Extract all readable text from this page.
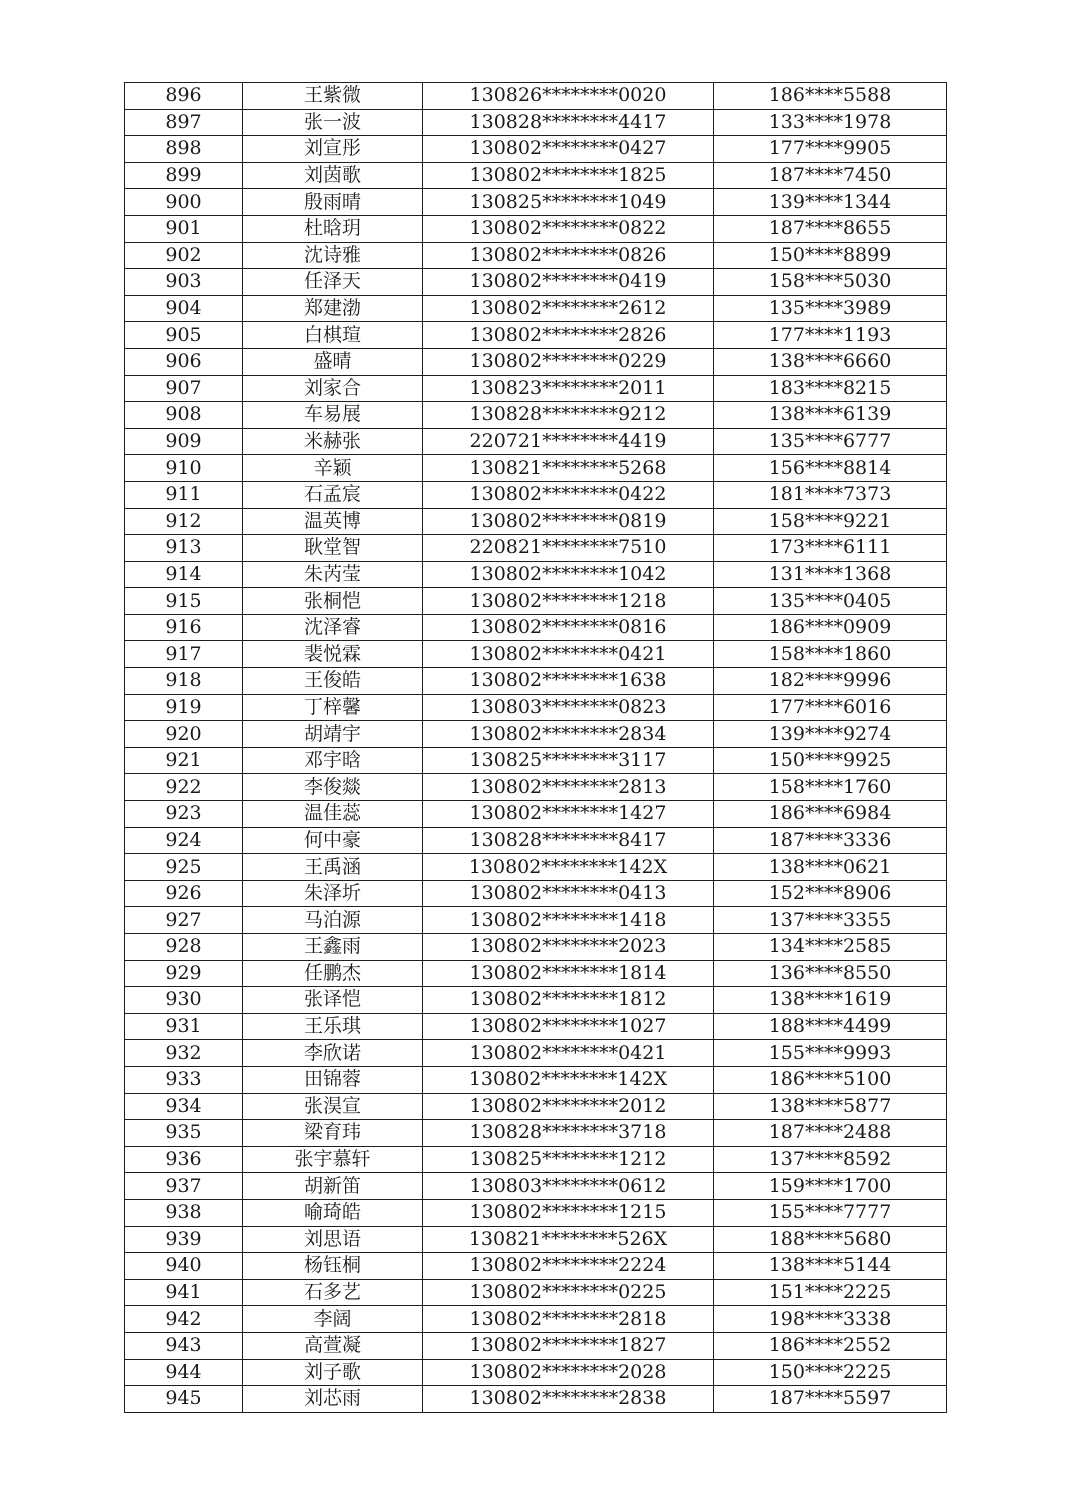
896	王紫微	130826********0020	186****5588
897	张一波	130828********4417	133****1978
898	刘宣彤	130802********0427	177****9905
899	刘茵歌	130802********1825	187****7450
900	殷雨晴	130825********1049	139****1344
901	杜晗玥	130802********0822	187****8655
902	沈诗雅	130802********0826	150****8899
903	任泽天	130802********0419	158****5030
904	郑建渤	130802********2612	135****3989
905	白棋瑄	130802********2826	177****1193
906	盛晴	130802********0229	138****6660
907	刘家合	130823********2011	183****8215
908	车易展	130828********9212	138****6139
909	米赫张	220721********4419	135****6777
910	辛颖	130821********5268	156****8814
911	石孟宸	130802********0422	181****7373
912	温英博	130802********0819	158****9221
913	耿堂智	220821********7510	173****6111
914	朱芮莹	130802********1042	131****1368
915	张桐恺	130802********1218	135****0405
916	沈泽睿	130802********0816	186****0909
917	裴悦霖	130802********0421	158****1860
918	王俊皓	130802********1638	182****9996
919	丁梓馨	130803********0823	177****6016
920	胡靖宇	130802********2834	139****9274
921	邓宇晗	130825********3117	150****9925
922	李俊燚	130802********2813	158****1760
923	温佳蕊	130802********1427	186****6984
924	何中豪	130828********8417	187****3336
925	王禹涵	130802********142X	138****0621
926	朱泽圻	130802********0413	152****8906
927	马泊源	130802********1418	137****3355
928	王鑫雨	130802********2023	134****2585
929	任鹏杰	130802********1814	136****8550
930	张译恺	130802********1812	138****1619
931	王乐琪	130802********1027	188****4499
932	李欣诺	130802********0421	155****9993
933	田锦蓉	130802********142X	186****5100
934	张淏宣	130802********2012	138****5877
935	梁育玮	130828********3718	187****2488
936	张宇慕轩	130825********1212	137****8592
937	胡新笛	130803********0612	159****1700
938	喻琦皓	130802********1215	155****7777
939	刘思语	130821********526X	188****5680
940	杨钰桐	130802********2224	138****5144
941	石多艺	130802********0225	151****2225
942	李阔	130802********2818	198****3338
943	高萱凝	130802********1827	186****2552
944	刘子歌	130802********2028	150****2225
945	刘芯雨	130802********2838	187****5597
